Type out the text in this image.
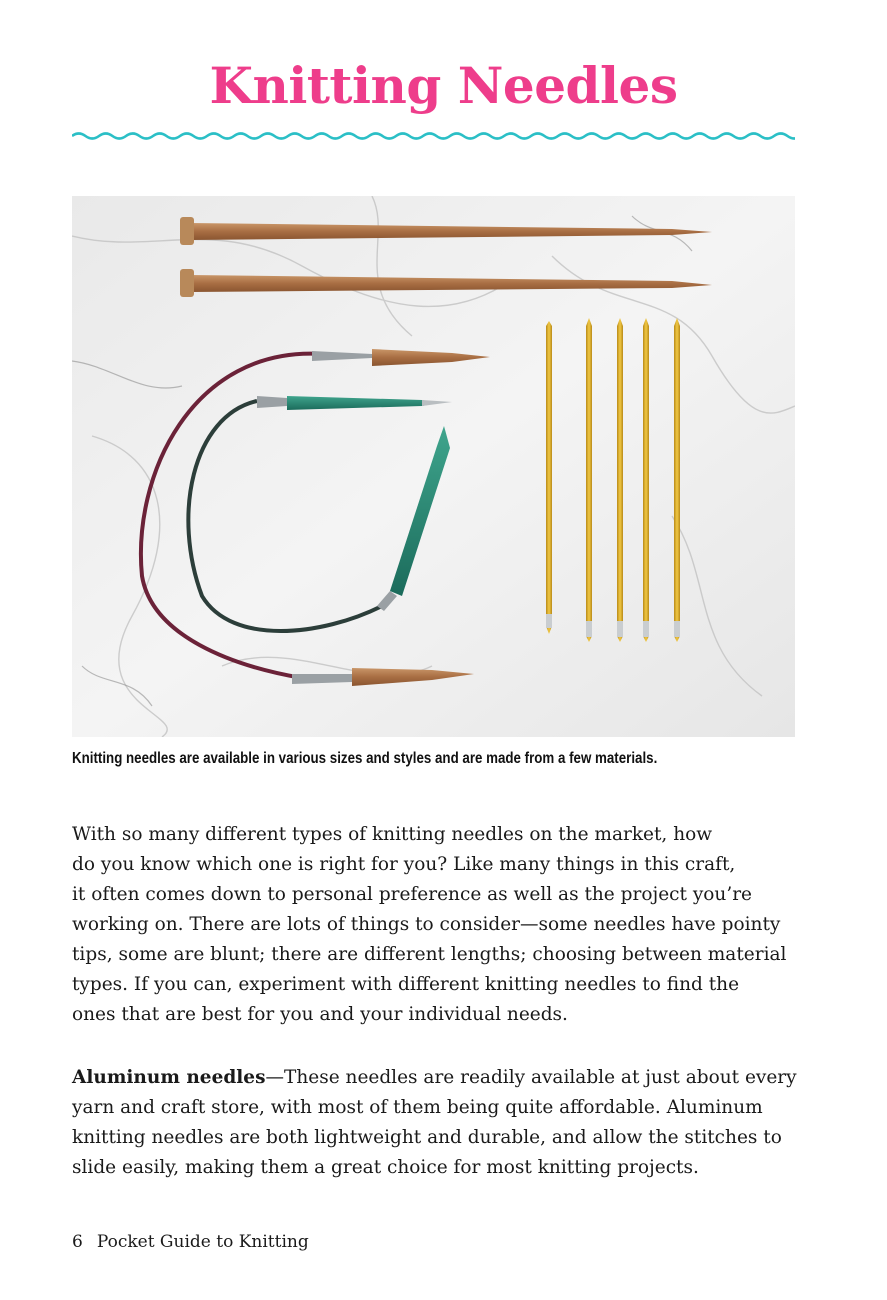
Knitting Needles

Knitting needles are available in various sizes and styles and are made from a few materials.

With so many different types of knitting needles on the market, how
do you know which one is right for you? Like many things in this craft,
it often comes down to personal preference as well as the project you’re
working on. There are lots of things to consider—some needles have pointy
tips, some are blunt; there are different lengths; choosing between material
types. If you can, experiment with different knitting needles to find the
ones that are best for you and your individual needs.

Aluminum needles—These needles are readily available at just about every
yarn and craft store, with most of them being quite affordable. Aluminum
knitting needles are both lightweight and durable, and allow the stitches to
slide easily, making them a great choice for most knitting projects.

6 Pocket Guide to Knitting
